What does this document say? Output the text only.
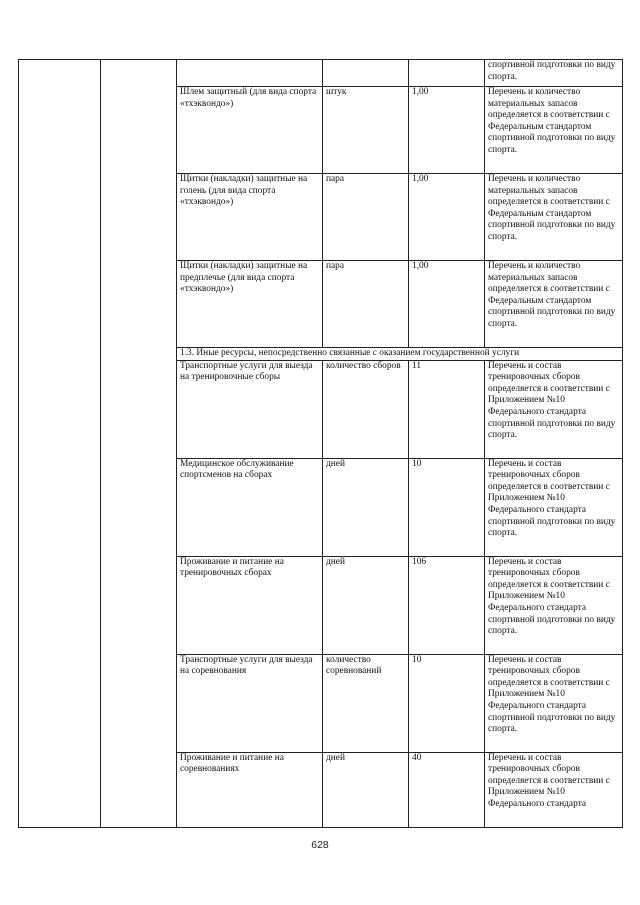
					спортивной подготовки по виду спорта.
		Шлем защитный (для вида спорта «тхэквондо»)	штук	1,00	Перечень и количество материальных запасов определяется в соответствии с Федеральным стандартом спортивной подготовки по виду спорта.
		Щитки (накладки) защитные на голень (для вида спорта «тхэквондо»)	пара	1,00	Перечень и количество материальных запасов определяется в соответствии с Федеральным стандартом спортивной подготовки по виду спорта.
		Щитки (накладки) защитные на предплечье (для вида спорта «тхэквондо»)	пара	1,00	Перечень и количество материальных запасов определяется в соответствии с Федеральным стандартом спортивной подготовки по виду спорта.
		1.3. Иные ресурсы, непосредственно связанные с оказанием государственной услуги			
		Транспортные услуги для выезда на тренировочные сборы	количество сборов	11	Перечень и состав тренировочных сборов определяется в соответствии с Приложением №10 Федерального стандарта спортивной подготовки по виду спорта.
		Медицинское обслуживание спортсменов на сборах	дней	10	Перечень и состав тренировочных сборов определяется в соответствии с Приложением №10 Федерального стандарта спортивной подготовки по виду спорта.
		Проживание и питание на тренировочных сборах	дней	106	Перечень и состав тренировочных сборов определяется в соответствии с Приложением №10 Федерального стандарта спортивной подготовки по виду спорта.
		Транспортные услуги для выезда на соревнования	количество соревнований	10	Перечень и состав тренировочных сборов определяется в соответствии с Приложением №10 Федерального стандарта спортивной подготовки по виду спорта.
		Проживание и питание на соревнованиях	дней	40	Перечень и состав тренировочных сборов определяется в соответствии с Приложением №10 Федерального стандарта
628
